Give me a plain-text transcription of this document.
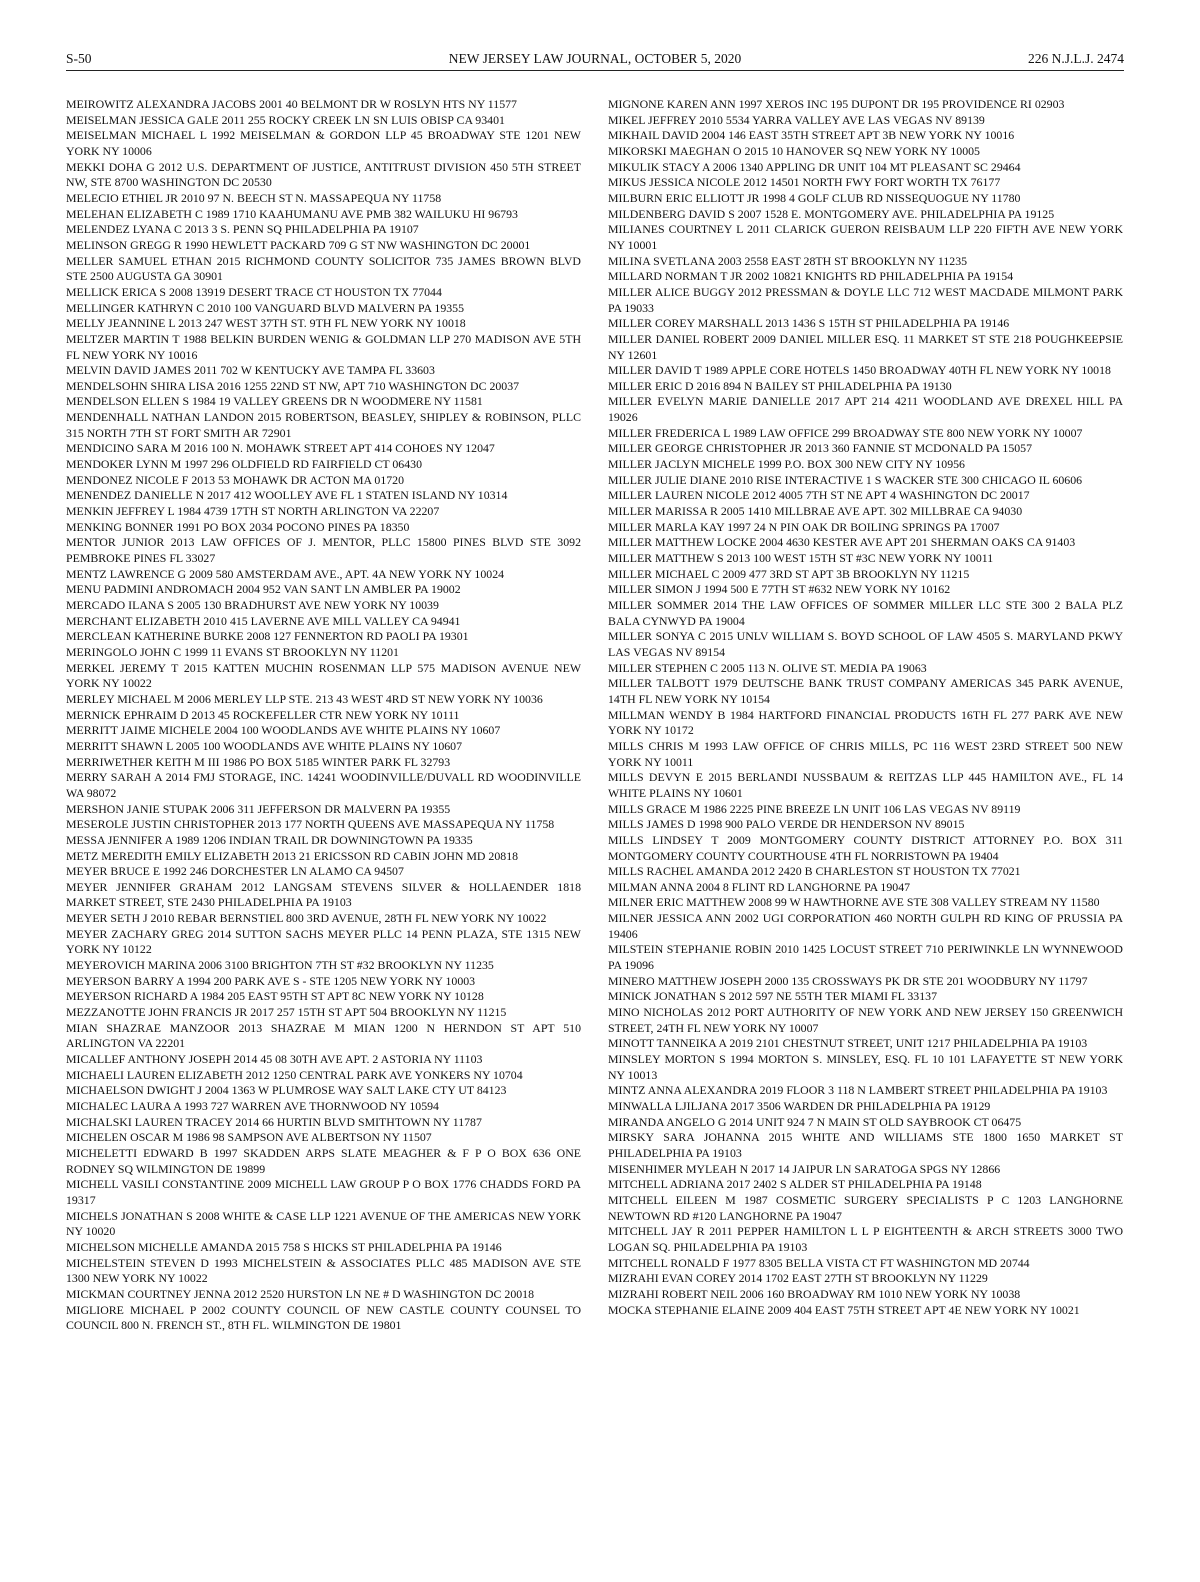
S-50	NEW JERSEY LAW JOURNAL, OCTOBER 5, 2020	226 N.J.L.J. 2474
MEIROWITZ ALEXANDRA JACOBS 2001 40 BELMONT DR W ROSLYN HTS NY 11577
MEISELMAN JESSICA GALE 2011 255 ROCKY CREEK LN SN LUIS OBISP CA 93401
MEISELMAN MICHAEL L 1992 MEISELMAN & GORDON LLP 45 BROADWAY STE 1201 NEW YORK NY 10006
MEKKI DOHA G 2012 U.S. DEPARTMENT OF JUSTICE, ANTITRUST DIVISION 450 5TH STREET NW, STE 8700 WASHINGTON DC 20530
MELECIO ETHIEL JR 2010 97 N. BEECH ST N. MASSAPEQUA NY 11758
MELEHAN ELIZABETH C 1989 1710 KAAHUMANU AVE PMB 382 WAILUKU HI 96793
MELENDEZ LYANA C 2013 3 S. PENN SQ PHILADELPHIA PA 19107
MELINSON GREGG R 1990 HEWLETT PACKARD 709 G ST NW WASHINGTON DC 20001
MELLER SAMUEL ETHAN 2015 RICHMOND COUNTY SOLICITOR 735 JAMES BROWN BLVD STE 2500 AUGUSTA GA 30901
MELLICK ERICA S 2008 13919 DESERT TRACE CT HOUSTON TX 77044
MELLINGER KATHRYN C 2010 100 VANGUARD BLVD MALVERN PA 19355
MELLY JEANNINE L 2013 247 WEST 37TH ST. 9TH FL NEW YORK NY 10018
MELTZER MARTIN T 1988 BELKIN BURDEN WENIG & GOLDMAN LLP 270 MADISON AVE 5TH FL NEW YORK NY 10016
MELVIN DAVID JAMES 2011 702 W KENTUCKY AVE TAMPA FL 33603
MENDELSOHN SHIRA LISA 2016 1255 22ND ST NW, APT 710 WASHINGTON DC 20037
MENDELSON ELLEN S 1984 19 VALLEY GREENS DR N WOODMERE NY 11581
MENDENHALL NATHAN LANDON 2015 ROBERTSON, BEASLEY, SHIPLEY & ROBINSON, PLLC 315 NORTH 7TH ST FORT SMITH AR 72901
MENDICINO SARA M 2016 100 N. MOHAWK STREET APT 414 COHOES NY 12047
MENDOKER LYNN M 1997 296 OLDFIELD RD FAIRFIELD CT 06430
MENDONEZ NICOLE F 2013 53 MOHAWK DR ACTON MA 01720
MENENDEZ DANIELLE N 2017 412 WOOLLEY AVE FL 1 STATEN ISLAND NY 10314
MENKIN JEFFREY L 1984 4739 17TH ST NORTH ARLINGTON VA 22207
MENKING BONNER 1991 PO BOX 2034 POCONO PINES PA 18350
MENTOR JUNIOR 2013 LAW OFFICES OF J. MENTOR, PLLC 15800 PINES BLVD STE 3092 PEMBROKE PINES FL 33027
MENTZ LAWRENCE G 2009 580 AMSTERDAM AVE., APT. 4A NEW YORK NY 10024
MENU PADMINI ANDROMACH 2004 952 VAN SANT LN AMBLER PA 19002
MERCADO ILANA S 2005 130 BRADHURST AVE NEW YORK NY 10039
MERCHANT ELIZABETH 2010 415 LAVERNE AVE MILL VALLEY CA 94941
MERCLEAN KATHERINE BURKE 2008 127 FENNERTON RD PAOLI PA 19301
MERINGOLO JOHN C 1999 11 EVANS ST BROOKLYN NY 11201
MERKEL JEREMY T 2015 KATTEN MUCHIN ROSENMAN LLP 575 MADISON AVENUE NEW YORK NY 10022
MERLEY MICHAEL M 2006 MERLEY LLP STE. 213 43 WEST 4RD ST NEW YORK NY 10036
MERNICK EPHRAIM D 2013 45 ROCKEFELLER CTR NEW YORK NY 10111
MERRITT JAIME MICHELE 2004 100 WOODLANDS AVE WHITE PLAINS NY 10607
MERRITT SHAWN L 2005 100 WOODLANDS AVE WHITE PLAINS NY 10607
MERRIWETHER KEITH M III 1986 PO BOX 5185 WINTER PARK FL 32793
MERRY SARAH A 2014 FMJ STORAGE, INC. 14241 WOODINVILLE/DUVALL RD WOODINVILLE WA 98072
MERSHON JANIE STUPAK 2006 311 JEFFERSON DR MALVERN PA 19355
MESEROLE JUSTIN CHRISTOPHER 2013 177 NORTH QUEENS AVE MASSAPEQUA NY 11758
MESSA JENNIFER A 1989 1206 INDIAN TRAIL DR DOWNINGTOWN PA 19335
METZ MEREDITH EMILY ELIZABETH 2013 21 ERICSSON RD CABIN JOHN MD 20818
MEYER BRUCE E 1992 246 DORCHESTER LN ALAMO CA 94507
MEYER JENNIFER GRAHAM 2012 LANGSAM STEVENS SILVER & HOLLAENDER 1818 MARKET STREET, STE 2430 PHILADELPHIA PA 19103
MEYER SETH J 2010 REBAR BERNSTIEL 800 3RD AVENUE, 28TH FL NEW YORK NY 10022
MEYER ZACHARY GREG 2014 SUTTON SACHS MEYER PLLC 14 PENN PLAZA, STE 1315 NEW YORK NY 10122
MEYEROVICH MARINA 2006 3100 BRIGHTON 7TH ST #32 BROOKLYN NY 11235
MEYERSON BARRY A 1994 200 PARK AVE S - STE 1205 NEW YORK NY 10003
MEYERSON RICHARD A 1984 205 EAST 95TH ST APT 8C NEW YORK NY 10128
MEZZANOTTE JOHN FRANCIS JR 2017 257 15TH ST APT 504 BROOKLYN NY 11215
MIAN SHAZRAE MANZOOR 2013 SHAZRAE M MIAN 1200 N HERNDON ST APT 510 ARLINGTON VA 22201
MICALLEF ANTHONY JOSEPH 2014 45 08 30TH AVE APT. 2 ASTORIA NY 11103
MICHAELI LAUREN ELIZABETH 2012 1250 CENTRAL PARK AVE YONKERS NY 10704
MICHAELSON DWIGHT J 2004 1363 W PLUMROSE WAY SALT LAKE CTY UT 84123
MICHALEC LAURA A 1993 727 WARREN AVE THORNWOOD NY 10594
MICHALSKI LAUREN TRACEY 2014 66 HURTIN BLVD SMITHTOWN NY 11787
MICHELEN OSCAR M 1986 98 SAMPSON AVE ALBERTSON NY 11507
MICHELETTI EDWARD B 1997 SKADDEN ARPS SLATE MEAGHER & F P O BOX 636 ONE RODNEY SQ WILMINGTON DE 19899
MICHELL VASILI CONSTANTINE 2009 MICHELL LAW GROUP P O BOX 1776 CHADDS FORD PA 19317
MICHELS JONATHAN S 2008 WHITE & CASE LLP 1221 AVENUE OF THE AMERICAS NEW YORK NY 10020
MICHELSON MICHELLE AMANDA 2015 758 S HICKS ST PHILADELPHIA PA 19146
MICHELSTEIN STEVEN D 1993 MICHELSTEIN & ASSOCIATES PLLC 485 MADISON AVE STE 1300 NEW YORK NY 10022
MICKMAN COURTNEY JENNA 2012 2520 HURSTON LN NE # D WASHINGTON DC 20018
MIGLIORE MICHAEL P 2002 COUNTY COUNCIL OF NEW CASTLE COUNTY COUNSEL TO COUNCIL 800 N. FRENCH ST., 8TH FL. WILMINGTON DE 19801
MIGNONE KAREN ANN 1997 XEROS INC 195 DUPONT DR 195 PROVIDENCE RI 02903
MIKEL JEFFREY 2010 5534 YARRA VALLEY AVE LAS VEGAS NV 89139
MIKHAIL DAVID 2004 146 EAST 35TH STREET APT 3B NEW YORK NY 10016
MIKORSKI MAEGHAN O 2015 10 HANOVER SQ NEW YORK NY 10005
MIKULIK STACY A 2006 1340 APPLING DR UNIT 104 MT PLEASANT SC 29464
MIKUS JESSICA NICOLE 2012 14501 NORTH FWY FORT WORTH TX 76177
MILBURN ERIC ELLIOTT JR 1998 4 GOLF CLUB RD NISSEQUOGUE NY 11780
MILDENBERG DAVID S 2007 1528 E. MONTGOMERY AVE. PHILADELPHIA PA 19125
MILIANES COURTNEY L 2011 CLARICK GUERON REISBAUM LLP 220 FIFTH AVE NEW YORK NY 10001
MILINA SVETLANA 2003 2558 EAST 28TH ST BROOKLYN NY 11235
MILLARD NORMAN T JR 2002 10821 KNIGHTS RD PHILADELPHIA PA 19154
MILLER ALICE BUGGY 2012 PRESSMAN & DOYLE LLC 712 WEST MACDADE MILMONT PARK PA 19033
MILLER COREY MARSHALL 2013 1436 S 15TH ST PHILADELPHIA PA 19146
MILLER DANIEL ROBERT 2009 DANIEL MILLER ESQ. 11 MARKET ST STE 218 POUGHKEEPSIE NY 12601
MILLER DAVID T 1989 APPLE CORE HOTELS 1450 BROADWAY 40TH FL NEW YORK NY 10018
MILLER ERIC D 2016 894 N BAILEY ST PHILADELPHIA PA 19130
MILLER EVELYN MARIE DANIELLE 2017 APT 214 4211 WOODLAND AVE DREXEL HILL PA 19026
MILLER FREDERICA L 1989 LAW OFFICE 299 BROADWAY STE 800 NEW YORK NY 10007
MILLER GEORGE CHRISTOPHER JR 2013 360 FANNIE ST MCDONALD PA 15057
MILLER JACLYN MICHELE 1999 P.O. BOX 300 NEW CITY NY 10956
MILLER JULIE DIANE 2010 RISE INTERACTIVE 1 S WACKER STE 300 CHICAGO IL 60606
MILLER LAUREN NICOLE 2012 4005 7TH ST NE APT 4 WASHINGTON DC 20017
MILLER MARISSA R 2005 1410 MILLBRAE AVE APT. 302 MILLBRAE CA 94030
MILLER MARLA KAY 1997 24 N PIN OAK DR BOILING SPRINGS PA 17007
MILLER MATTHEW LOCKE 2004 4630 KESTER AVE APT 201 SHERMAN OAKS CA 91403
MILLER MATTHEW S 2013 100 WEST 15TH ST #3C NEW YORK NY 10011
MILLER MICHAEL C 2009 477 3RD ST APT 3B BROOKLYN NY 11215
MILLER SIMON J 1994 500 E 77TH ST #632 NEW YORK NY 10162
MILLER SOMMER 2014 THE LAW OFFICES OF SOMMER MILLER LLC STE 300 2 BALA PLZ BALA CYNWYD PA 19004
MILLER SONYA C 2015 UNLV WILLIAM S. BOYD SCHOOL OF LAW 4505 S. MARYLAND PKWY LAS VEGAS NV 89154
MILLER STEPHEN C 2005 113 N. OLIVE ST. MEDIA PA 19063
MILLER TALBOTT 1979 DEUTSCHE BANK TRUST COMPANY AMERICAS 345 PARK AVENUE, 14TH FL NEW YORK NY 10154
MILLMAN WENDY B 1984 HARTFORD FINANCIAL PRODUCTS 16TH FL 277 PARK AVE NEW YORK NY 10172
MILLS CHRIS M 1993 LAW OFFICE OF CHRIS MILLS, PC 116 WEST 23RD STREET 500 NEW YORK NY 10011
MILLS DEVYN E 2015 BERLANDI NUSSBAUM & REITZAS LLP 445 HAMILTON AVE., FL 14 WHITE PLAINS NY 10601
MILLS GRACE M 1986 2225 PINE BREEZE LN UNIT 106 LAS VEGAS NV 89119
MILLS JAMES D 1998 900 PALO VERDE DR HENDERSON NV 89015
MILLS LINDSEY T 2009 MONTGOMERY COUNTY DISTRICT ATTORNEY P.O. BOX 311 MONTGOMERY COUNTY COURTHOUSE 4TH FL NORRISTOWN PA 19404
MILLS RACHEL AMANDA 2012 2420 B CHARLESTON ST HOUSTON TX 77021
MILMAN ANNA 2004 8 FLINT RD LANGHORNE PA 19047
MILNER ERIC MATTHEW 2008 99 W HAWTHORNE AVE STE 308 VALLEY STREAM NY 11580
MILNER JESSICA ANN 2002 UGI CORPORATION 460 NORTH GULPH RD KING OF PRUSSIA PA 19406
MILSTEIN STEPHANIE ROBIN 2010 1425 LOCUST STREET 710 PERIWINKLE LN WYNNEWOOD PA 19096
MINERO MATTHEW JOSEPH 2000 135 CROSSWAYS PK DR STE 201 WOODBURY NY 11797
MINICK JONATHAN S 2012 597 NE 55TH TER MIAMI FL 33137
MINO NICHOLAS 2012 PORT AUTHORITY OF NEW YORK AND NEW JERSEY 150 GREENWICH STREET, 24TH FL NEW YORK NY 10007
MINOTT TANNEIKA A 2019 2101 CHESTNUT STREET, UNIT 1217 PHILADELPHIA PA 19103
MINSLEY MORTON S 1994 MORTON S. MINSLEY, ESQ. FL 10 101 LAFAYETTE ST NEW YORK NY 10013
MINTZ ANNA ALEXANDRA 2019 FLOOR 3 118 N LAMBERT STREET PHILADELPHIA PA 19103
MINWALLA LJILJANA 2017 3506 WARDEN DR PHILADELPHIA PA 19129
MIRANDA ANGELO G 2014 UNIT 924 7 N MAIN ST OLD SAYBROOK CT 06475
MIRSKY SARA JOHANNA 2015 WHITE AND WILLIAMS STE 1800 1650 MARKET ST PHILADELPHIA PA 19103
MISENHIMER MYLEAH N 2017 14 JAIPUR LN SARATOGA SPGS NY 12866
MITCHELL ADRIANA 2017 2402 S ALDER ST PHILADELPHIA PA 19148
MITCHELL EILEEN M 1987 COSMETIC SURGERY SPECIALISTS P C 1203 LANGHORNE NEWTOWN RD #120 LANGHORNE PA 19047
MITCHELL JAY R 2011 PEPPER HAMILTON L L P EIGHTEENTH & ARCH STREETS 3000 TWO LOGAN SQ. PHILADELPHIA PA 19103
MITCHELL RONALD F 1977 8305 BELLA VISTA CT FT WASHINGTON MD 20744
MIZRAHI EVAN COREY 2014 1702 EAST 27TH ST BROOKLYN NY 11229
MIZRAHI ROBERT NEIL 2006 160 BROADWAY RM 1010 NEW YORK NY 10038
MOCKA STEPHANIE ELAINE 2009 404 EAST 75TH STREET APT 4E NEW YORK NY 10021
